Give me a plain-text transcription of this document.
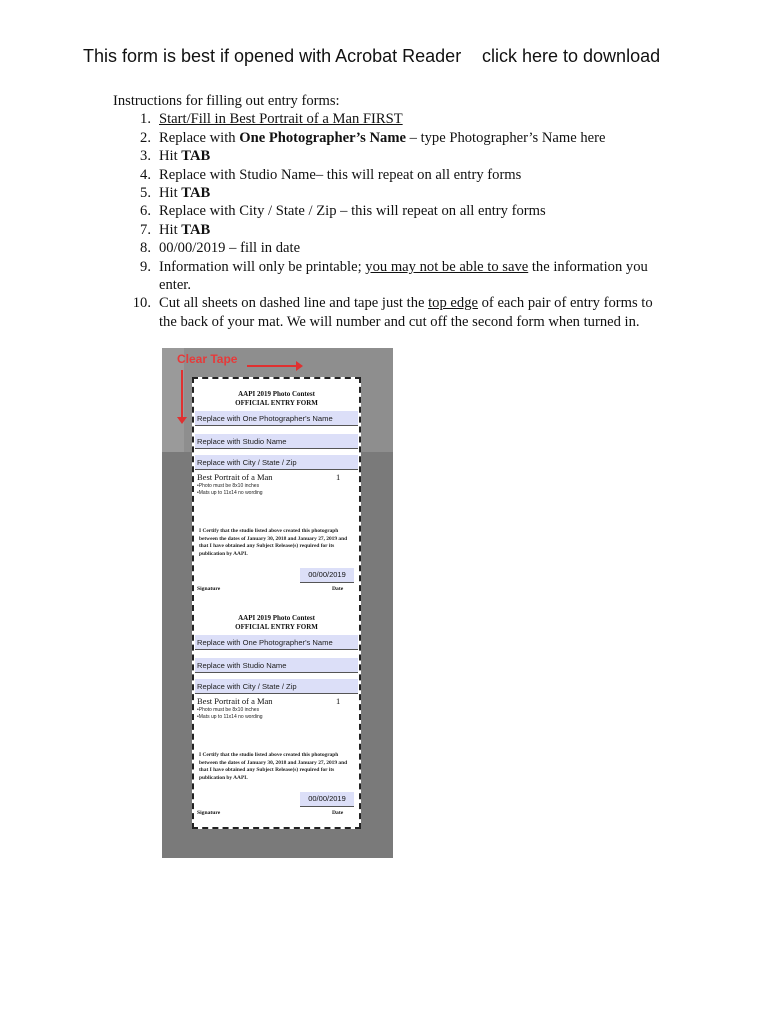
This form is best if opened with Acrobat Reader click here to download
Instructions for filling out entry forms:
1. Start/Fill in Best Portrait of a Man FIRST
2. Replace with One Photographer’s Name – type Photographer’s Name here
3. Hit TAB
4. Replace with Studio Name– this will repeat on all entry forms
5. Hit TAB
6. Replace with City / State / Zip – this will repeat on all entry forms
7. Hit TAB
8. 00/00/2019 – fill in date
9. Information will only be printable; you may not be able to save the information you enter.
10. Cut all sheets on dashed line and tape just the top edge of each pair of entry forms to the back of your mat. We will number and cut off the second form when turned in.
Clear Tape
AAPI 2019 Photo Contest
OFFICIAL ENTRY FORM
Replace with One Photographer's Name
Replace with Studio Name
Replace with City / State / Zip
Best Portrait of a Man	1
•Photo must be 8x10 inches
•Mats up to 11x14 no wording
I Certify that the studio listed above created this photograph between the dates of January 30, 2018 and January 27, 2019 and that I have obtained any Subject Release(s) required for its publication by AAPI.
00/00/2019
Signature	Date
AAPI 2019 Photo Contest
OFFICIAL ENTRY FORM
Replace with One Photographer's Name
Replace with Studio Name
Replace with City / State / Zip
Best Portrait of a Man	1
•Photo must be 8x10 inches
•Mats up to 11x14 no wording
I Certify that the studio listed above created this photograph between the dates of January 30, 2018 and January 27, 2019 and that I have obtained any Subject Release(s) required for its publication by AAPI.
00/00/2019
Signature	Date
